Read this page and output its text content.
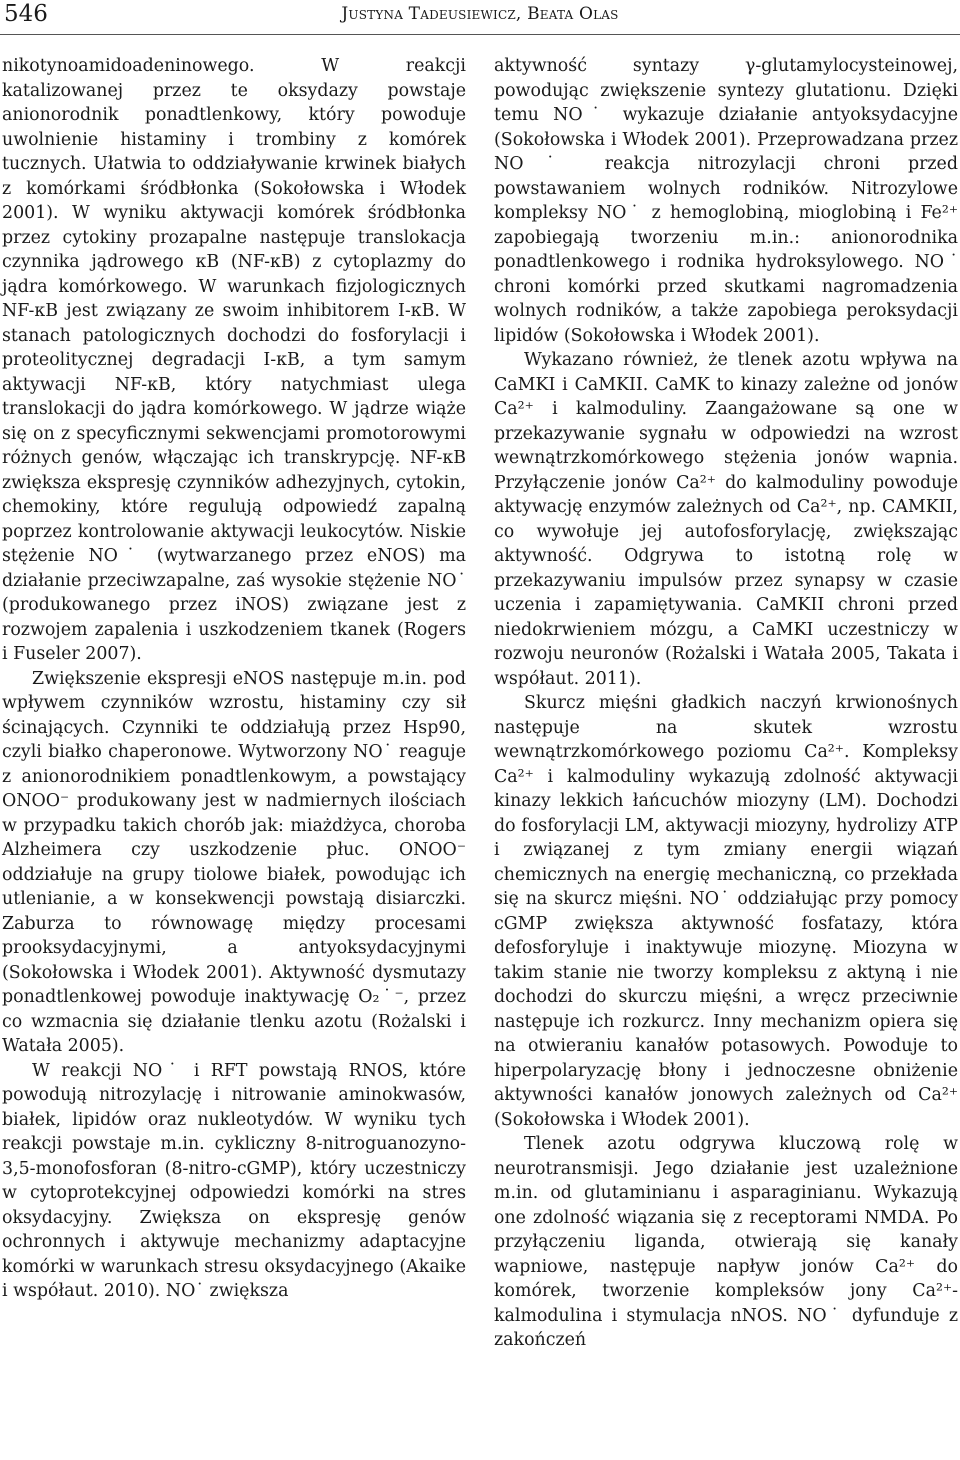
546	Justyna Tadeusiewicz, Beata Olas

nikotynoamidoadeninowego. W reakcji katalizowanej przez te oksydazy powstaje anionorodnik ponadtlenkowy, który powoduje uwolnienie histaminy i trombiny z komórek tucznych. Ułatwia to oddziaływanie krwinek białych z komórkami śródbłonka (Sokołowska i Włodek 2001). W wyniku aktywacji komórek śródbłonka przez cytokiny prozapalne następuje translokacja czynnika jądrowego κB (NF-κB) z cytoplazmy do jądra komórkowego. W warunkach fizjologicznych NF-κB jest związany ze swoim inhibitorem I-κB. W stanach patologicznych dochodzi do fosforylacji i proteolitycznej degradacji I-κB, a tym samym aktywacji NF-κB, który natychmiast ulega translokacji do jądra komórkowego. W jądrze wiąże się on z specyficznymi sekwencjami promotorowymi różnych genów, włączając ich transkrypcję. NF-κB zwiększa ekspresję czynników adhezyjnych, cytokin, chemokiny, które regulują odpowiedź zapalną poprzez kontrolowanie aktywacji leukocytów. Niskie stężenie NO˙ (wytwarzanego przez eNOS) ma działanie przeciwzapalne, zaś wysokie stężenie NO˙ (produkowanego przez iNOS) związane jest z rozwojem zapalenia i uszkodzeniem tkanek (Rogers i Fuseler 2007).

Zwiększenie ekspresji eNOS następuje m.in. pod wpływem czynników wzrostu, histaminy czy sił ścinających. Czynniki te oddziałują przez Hsp90, czyli białko chaperonowe. Wytworzony NO˙ reaguje z anionorodnikiem ponadtlenkowym, a powstający ONOO⁻ produkowany jest w nadmiernych ilościach w przypadku takich chorób jak: miażdżyca, choroba Alzheimera czy uszkodzenie płuc. ONOO⁻ oddziałuje na grupy tiolowe białek, powodując ich utlenianie, a w konsekwencji powstają disiarczki. Zaburza to równowagę między procesami prooksydacyjnymi, a antyoksydacyjnymi (Sokołowska i Włodek 2001). Aktywność dysmutazy ponadtlenkowej powoduje inaktywację O₂˙⁻, przez co wzmacnia się działanie tlenku azotu (Rożalski i Watała 2005).

W reakcji NO˙ i RFT powstają RNOS, które powodują nitrozylację i nitrowanie aminokwasów, białek, lipidów oraz nukleotydów. W wyniku tych reakcji powstaje m.in. cykliczny 8-nitroguanozyno-3,5-monofosforan (8-nitro-cGMP), który uczestniczy w cytoprotekcyjnej odpowiedzi komórki na stres oksydacyjny. Zwiększa on ekspresję genów ochronnych i aktywuje mechanizmy adaptacyjne komórki w warunkach stresu oksydacyjnego (Akaike i współaut. 2010). NO˙ zwiększa

aktywność syntazy γ-glutamylocysteinowej, powodując zwiększenie syntezy glutationu. Dzięki temu NO˙ wykazuje działanie antyoksydacyjne (Sokołowska i Włodek 2001). Przeprowadzana przez NO˙ reakcja nitrozylacji chroni przed powstawaniem wolnych rodników. Nitrozylowe kompleksy NO˙ z hemoglobiną, mioglobiną i Fe²⁺ zapobiegają tworzeniu m.in.: anionorodnika ponadtlenkowego i rodnika hydroksylowego. NO˙ chroni komórki przed skutkami nagromadzenia wolnych rodników, a także zapobiega peroksydacji lipidów (Sokołowska i Włodek 2001).

Wykazano również, że tlenek azotu wpływa na CaMKI i CaMKII. CaMK to kinazy zależne od jonów Ca²⁺ i kalmoduliny. Zaangażowane są one w przekazywanie sygnału w odpowiedzi na wzrost wewnątrzkomórkowego stężenia jonów wapnia. Przyłączenie jonów Ca²⁺ do kalmoduliny powoduje aktywację enzymów zależnych od Ca²⁺, np. CAMKII, co wywołuje jej autofosforylację, zwiększając aktywność. Odgrywa to istotną rolę w przekazywaniu impulsów przez synapsy w czasie uczenia i zapamiętywania. CaMKII chroni przed niedokrwieniem mózgu, a CaMKI uczestniczy w rozwoju neuronów (Rożalski i Watała 2005, Takata i współaut. 2011).

Skurcz mięśni gładkich naczyń krwionośnych następuje na skutek wzrostu wewnątrzkomórkowego poziomu Ca²⁺. Kompleksy Ca²⁺ i kalmoduliny wykazują zdolność aktywacji kinazy lekkich łańcuchów miozyny (LM). Dochodzi do fosforylacji LM, aktywacji miozyny, hydrolizy ATP i związanej z tym zmiany energii wiązań chemicznych na energię mechaniczną, co przekłada się na skurcz mięśni. NO˙ oddziałując przy pomocy cGMP zwiększa aktywność fosfatazy, która defosforyluje i inaktywuje miozynę. Miozyna w takim stanie nie tworzy kompleksu z aktyną i nie dochodzi do skurczu mięśni, a wręcz przeciwnie następuje ich rozkurcz. Inny mechanizm opiera się na otwieraniu kanałów potasowych. Powoduje to hiperpolaryzację błony i jednoczesne obniżenie aktywności kanałów jonowych zależnych od Ca²⁺ (Sokołowska i Włodek 2001).

Tlenek azotu odgrywa kluczową rolę w neurotransmisji. Jego działanie jest uzależnione m.in. od glutaminianu i asparaginianu. Wykazują one zdolność wiązania się z receptorami NMDA. Po przyłączeniu liganda, otwierają się kanały wapniowe, następuje napływ jonów Ca²⁺ do komórek, tworzenie kompleksów jony Ca²⁺-kalmodulina i stymulacja nNOS. NO˙ dyfunduje z zakończeń
